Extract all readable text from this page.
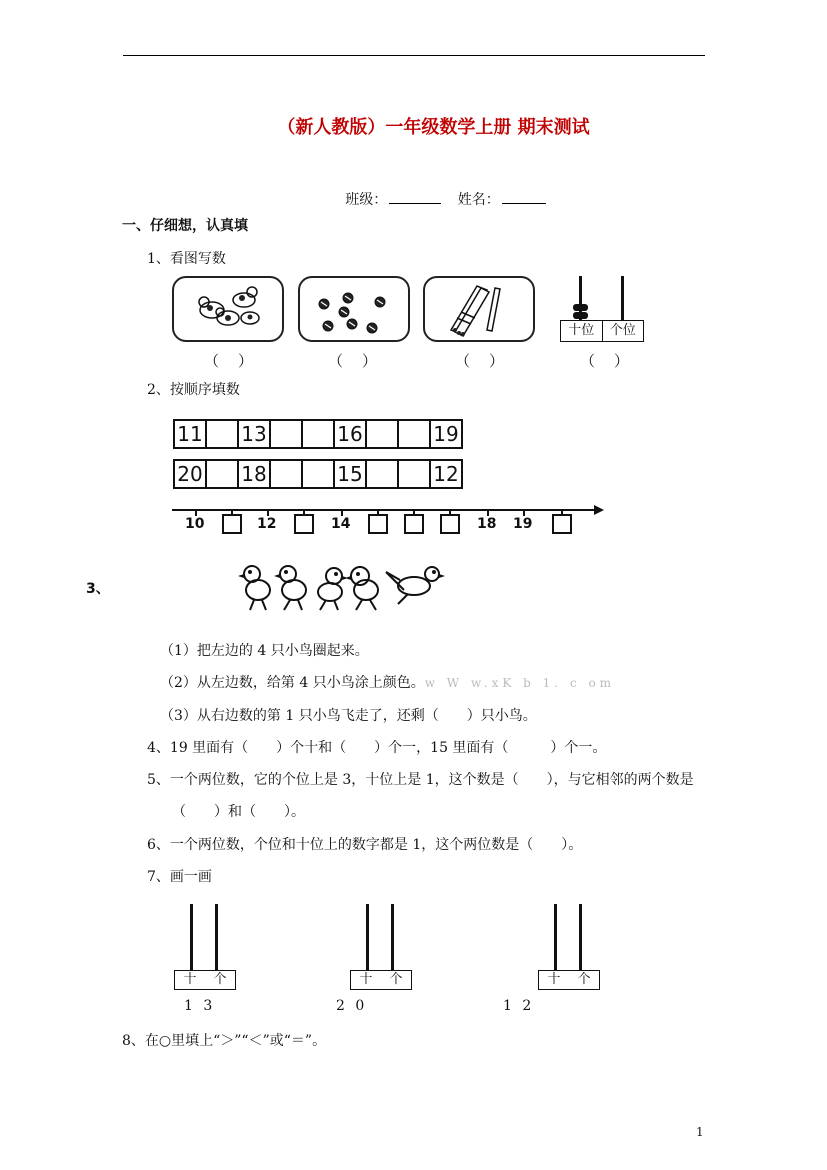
（新人教版）一年级数学上册 期末测试
班级：	姓名：
一、仔细想，认真填
1、看图写数
十位	个位
（　）	（　）	（　）	（　）
2、按顺序填数
11		13			16			19
20		18			15			12
10	12	14	18 19
3、
（1）把左边的 4 只小鸟圈起来。
（2）从左边数，给第 4 只小鸟涂上颜色。w W w.xK b 1. c om
（3）从右边数的第 1 只小鸟飞走了，还剩（　　）只小鸟。
4、19 里面有（　　）个十和（　　）个一，15 里面有（　　　）个一。
5、一个两位数，它的个位上是 3，十位上是 1，这个数是（　　），与它相邻的两个数是
（　　）和（　　）。
6、一个两位数，个位和十位上的数字都是 1，这个两位数是（　　）。
7、画一画
十	个	十	个	十	个
1 3	2 0	1 2
8、在○里填上“＞”“＜”或“＝”。
1
